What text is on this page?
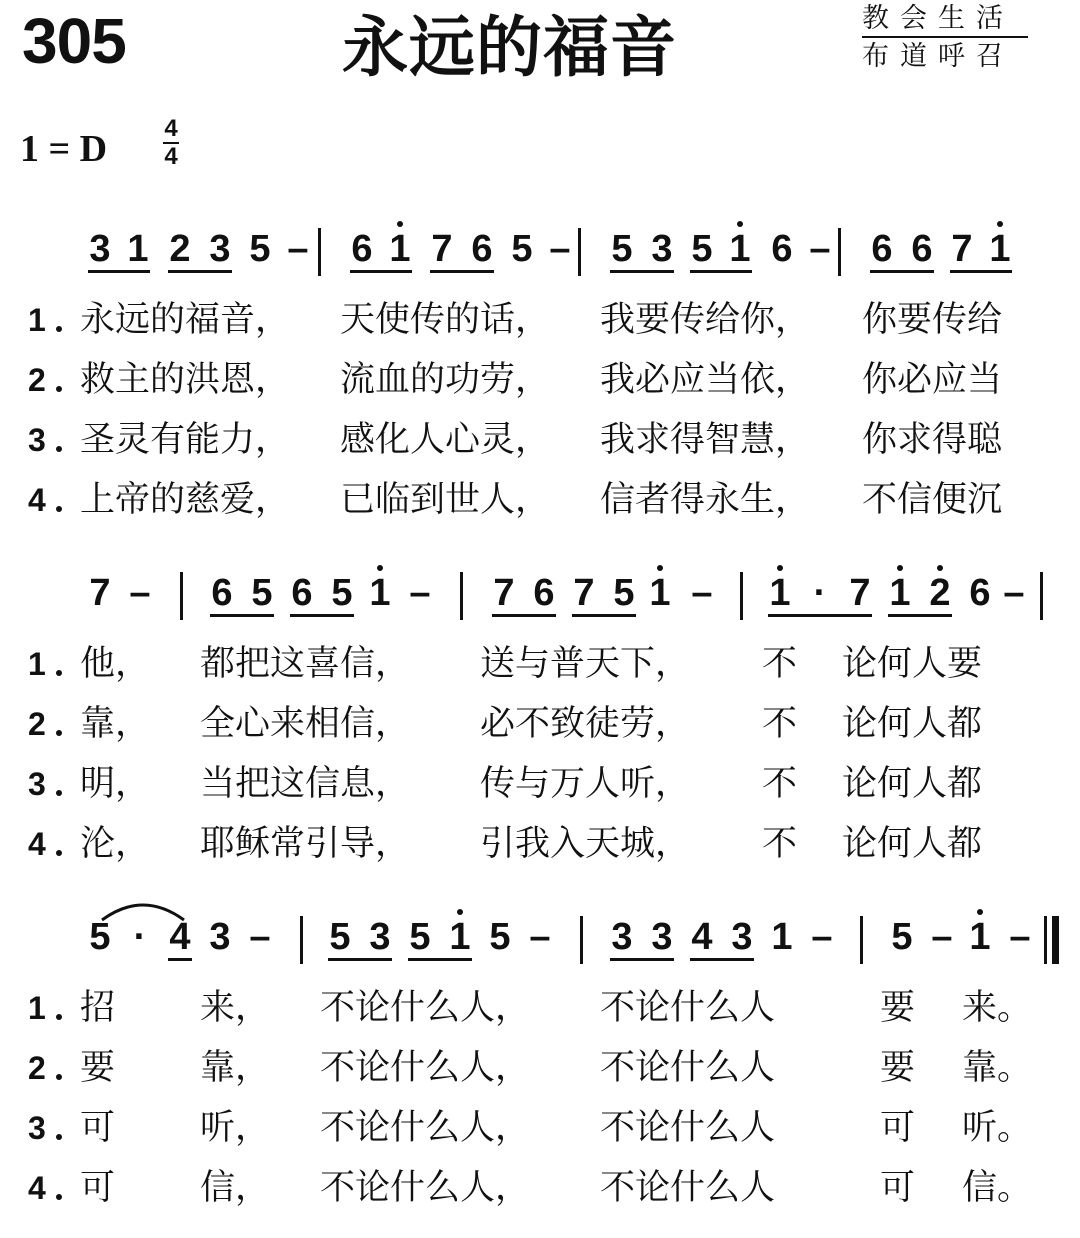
305	永远的福音	教会生活
布道呼召
1 = D 4
4
3 1 2 3 5 – 6 1 7 6 5 – 5 3 5 1 6 – 6 6 7 1
1 永远的福音， 天使传的话， 我要传给你， 你要传给
2 救主的洪恩， 流血的功劳， 我必应当依， 你必应当
3 圣灵有能力， 感化人心灵， 我求得智慧， 你求得聪
4 上帝的慈爱， 已临到世人， 信者得永生， 不信便沉
7 – 6 5 6 5 1 – 7 6 7 5 1 – 1 · 7 1 2 6 –
1 他， 都把这喜信， 送与普天下， 不 论何人要
2 靠， 全心来相信， 必不致徒劳， 不 论何人都
3 明， 当把这信息， 传与万人听， 不 论何人都
4 沦， 耶稣常引导， 引我入天城， 不 论何人都
5 · 4 3 – 5 3 5 1 5 – 3 3 4 3 1 – 5 – 1 –
1 招 来， 不论什么人， 不论什么人	要 来。
2 要 靠， 不论什么人， 不论什么人	要 靠。
3 可 听， 不论什么人， 不论什么人	可 听。
4 可 信， 不论什么人， 不论什么人	可 信。
